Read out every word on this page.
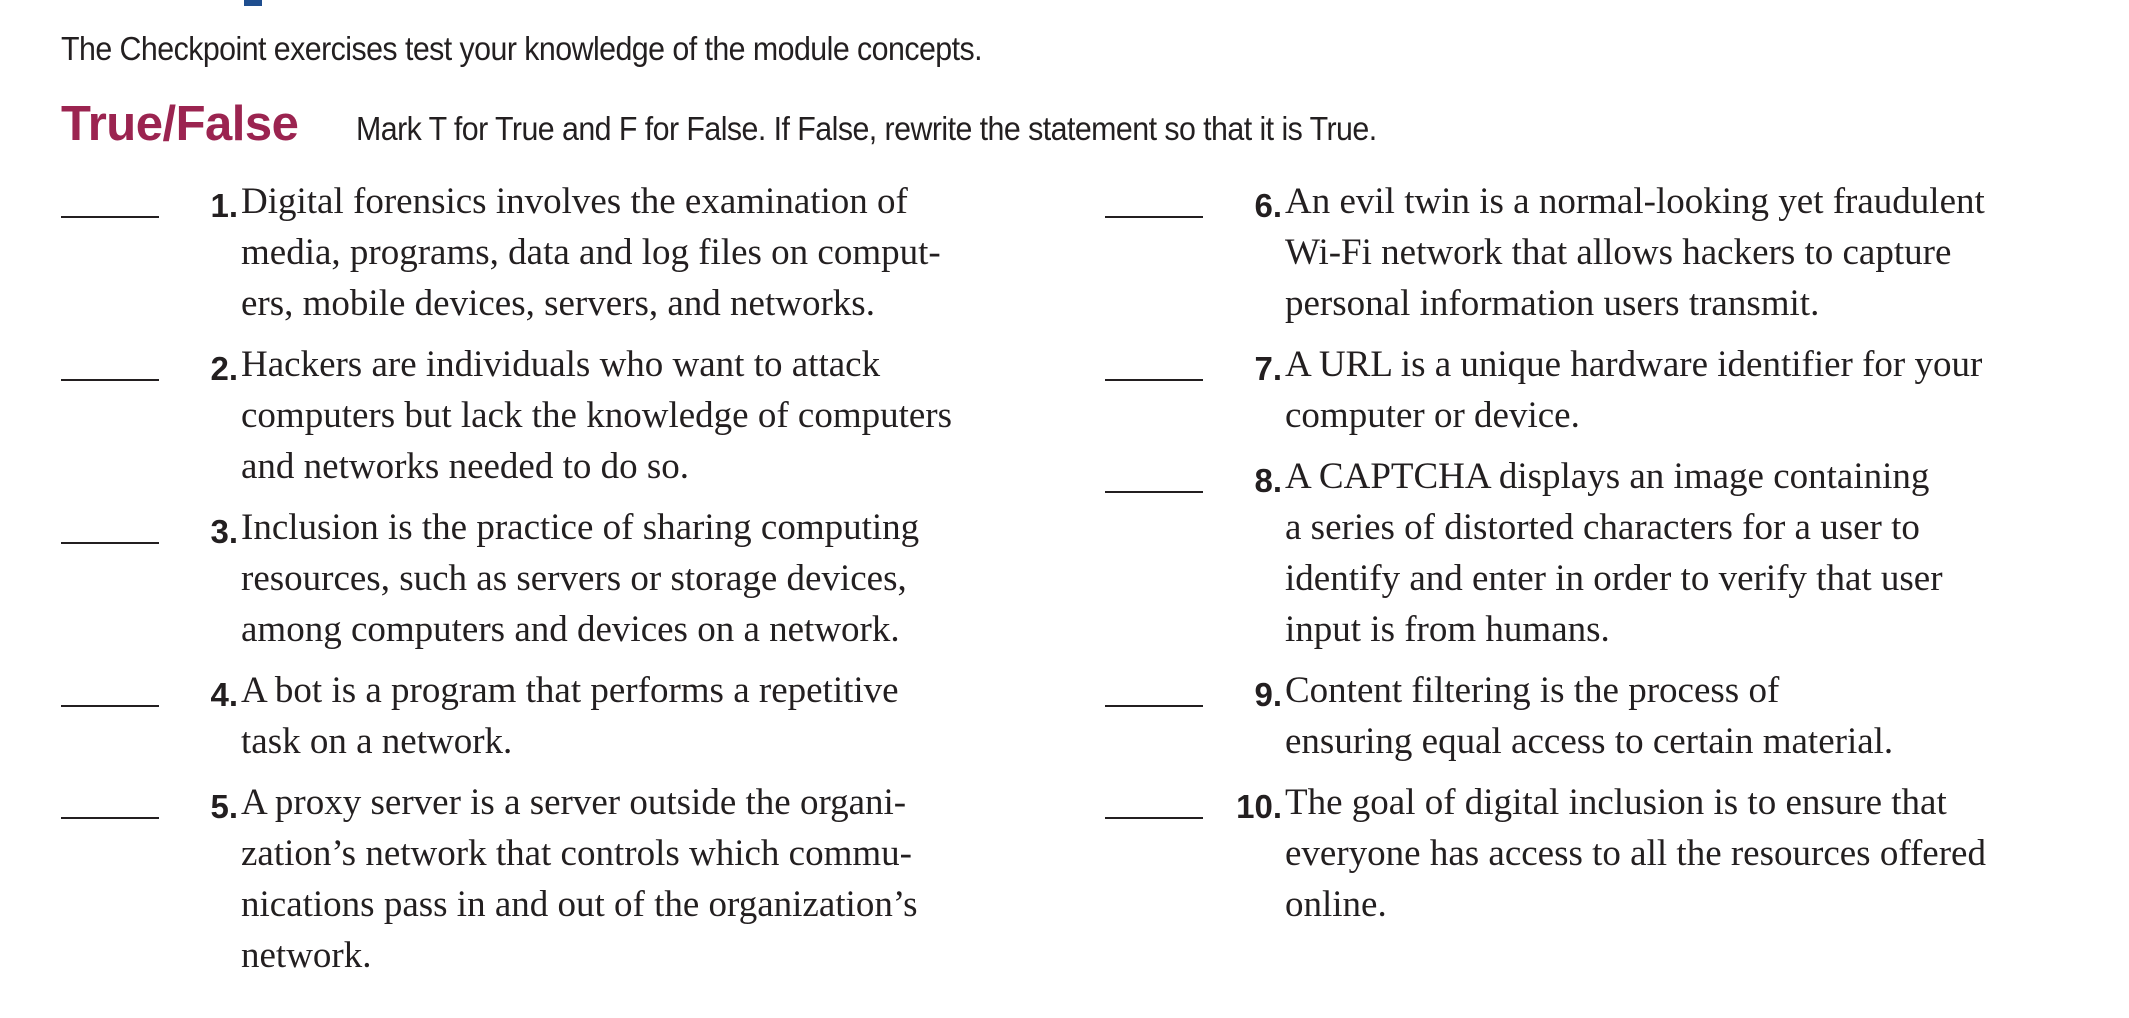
The Checkpoint exercises test your knowledge of the module concepts.
True/False Mark T for True and F for False. If False, rewrite the statement so that it is True.
1. Digital forensics involves the examination of
media, programs, data and log files on comput-
ers, mobile devices, servers, and networks.
2. Hackers are individuals who want to attack
computers but lack the knowledge of computers
and networks needed to do so.
3. Inclusion is the practice of sharing computing
resources, such as servers or storage devices,
among computers and devices on a network.
4. A bot is a program that performs a repetitive
task on a network.
5. A proxy server is a server outside the organi-
zation’s network that controls which commu-
nications pass in and out of the organization’s
network.
6. An evil twin is a normal-looking yet fraudulent
Wi-Fi network that allows hackers to capture
personal information users transmit.
7. A URL is a unique hardware identifier for your
computer or device.
8. A CAPTCHA displays an image containing
a series of distorted characters for a user to
identify and enter in order to verify that user
input is from humans.
9. Content filtering is the process of
ensuring equal access to certain material.
10. The goal of digital inclusion is to ensure that
everyone has access to all the resources offered
online.
